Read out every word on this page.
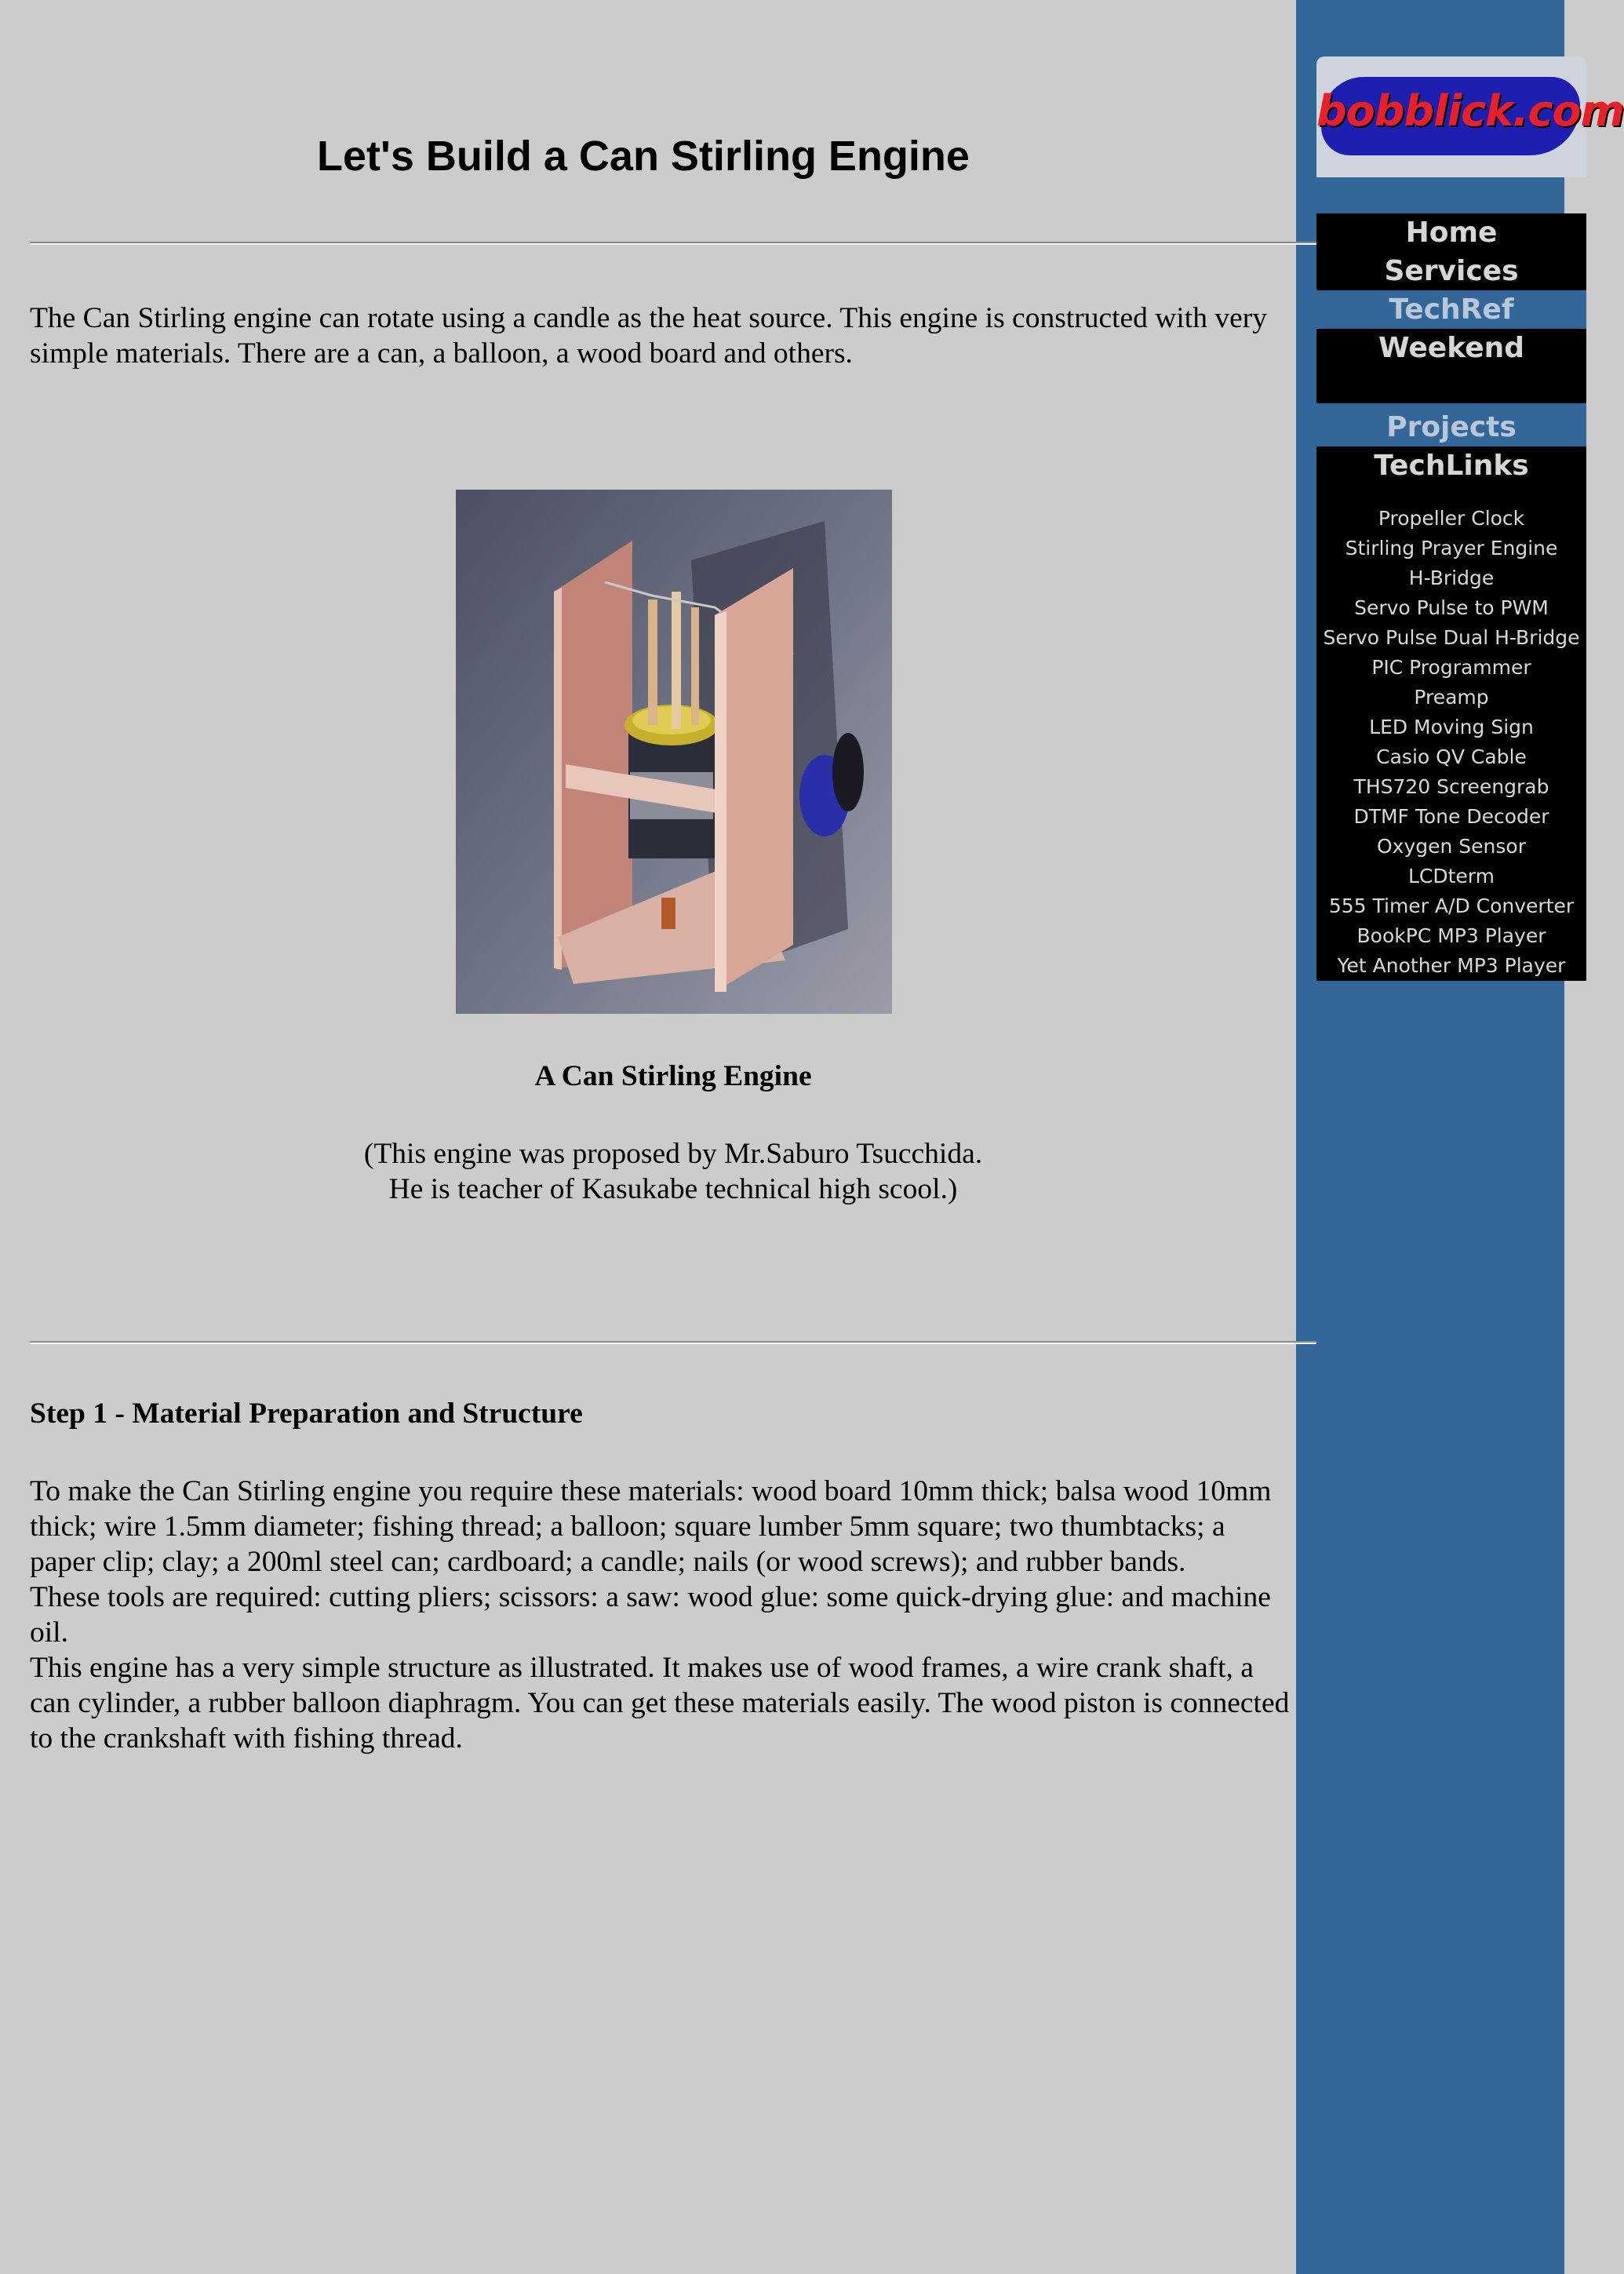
bobblick.com
Home
Services
TechRef
Weekend
Projects
TechLinks
Propeller Clock
Stirling Prayer Engine
H-Bridge
Servo Pulse to PWM
Servo Pulse Dual H-Bridge
PIC Programmer
Preamp
LED Moving Sign
Casio QV Cable
THS720 Screengrab
DTMF Tone Decoder
Oxygen Sensor
LCDterm
555 Timer A/D Converter
BookPC MP3 Player
Yet Another MP3 Player
Let's Build a Can Stirling Engine

The Can Stirling engine can rotate using a candle as the heat source. This engine is constructed with very simple materials. There are a can, a balloon, a wood board and others.

A Can Stirling Engine

(This engine was proposed by Mr.Saburo Tsucchida.
He is teacher of Kasukabe technical high scool.)

Step 1 - Material Preparation and Structure

To make the Can Stirling engine you require these materials: wood board 10mm thick; balsa wood 10mm thick; wire 1.5mm diameter; fishing thread; a balloon; square lumber 5mm square; two thumbtacks; a paper clip; clay; a 200ml steel can; cardboard; a candle; nails (or wood screws); and rubber bands.
These tools are required: cutting pliers; scissors: a saw: wood glue: some quick-drying glue: and machine oil.
This engine has a very simple structure as illustrated. It makes use of wood frames, a wire crank shaft, a can cylinder, a rubber balloon diaphragm. You can get these materials easily. The wood piston is connected to the crankshaft with fishing thread.
